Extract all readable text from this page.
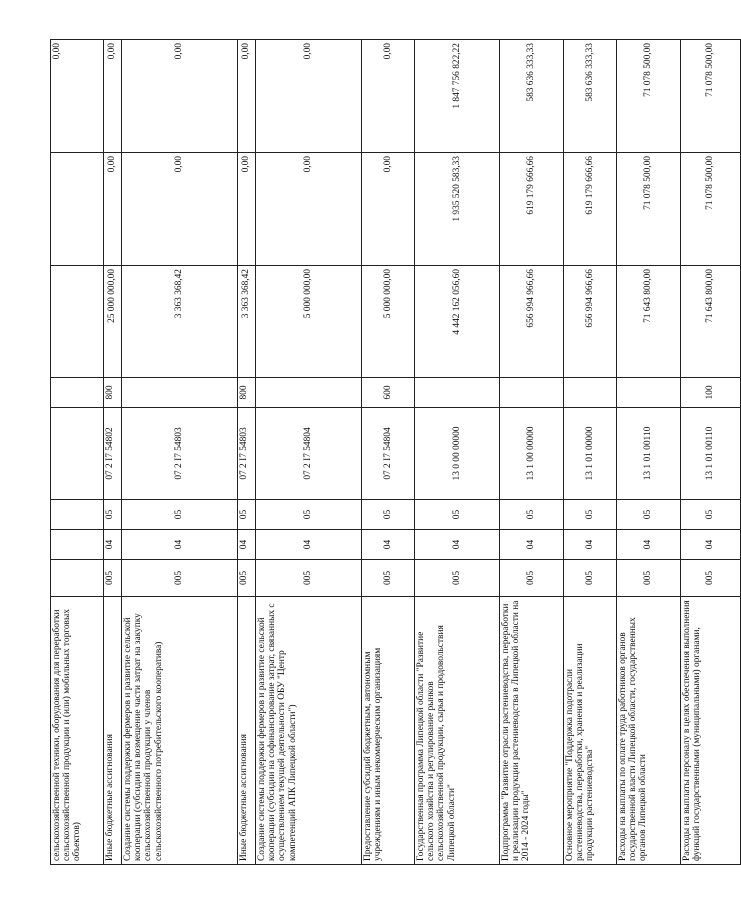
сельскохозяйственной техники, оборудования для переработки сельскохозяйственной продукции и (или) мобильных торговых объектов)								0,00
Иные бюджетные ассигнования	005	04	05	07 2 I7 54802	800	25 000 000,00	0,00	0,00
Создание системы поддержки фермеров и развитие сельской кооперации (субсидии на возмещение части затрат на закупку сельскохозяйственной продукции у членов сельскохозяйственного потребительского кооператива)	005	04	05	07 2 I7 54803		3 363 368,42	0,00	0,00
Иные бюджетные ассигнования	005	04	05	07 2 I7 54803	800	3 363 368,42	0,00	0,00
Создание системы поддержки фермеров и развитие сельской кооперации (субсидии на софинансирование затрат, связанных с осуществлением текущей деятельности ОБУ "Центр компетенций АПК Липецкой области")	005	04	05	07 2 I7 54804		5 000 000,00	0,00	0,00
Предоставление субсидий бюджетным, автономным учреждениям и иным некоммерческим организациям	005	04	05	07 2 I7 54804	600	5 000 000,00	0,00	0,00
Государственная программа Липецкой области "Развитие сельского хозяйства и регулирование рынков сельскохозяйственной продукции, сырья и продовольствия Липецкой области"	005	04	05	13 0 00 00000		4 442 162 056,60	1 935 520 583,33	1 847 756 822,22
Подпрограмма "Развитие отрасли растениеводства, переработки и реализации продукции растениеводства в Липецкой области на 2014 - 2024 годы"	005	04	05	13 1 00 00000		656 994 966,66	619 179 666,66	583 636 333,33
Основное мероприятие "Поддержка подотрасли растениеводства, переработки, хранения и реализации продукции растениеводства"	005	04	05	13 1 01 00000		656 994 966,66	619 179 666,66	583 636 333,33
Расходы на выплаты по оплате труда работников органов государственной власти Липецкой области, государственных органов Липецкой области	005	04	05	13 1 01 00110		71 643 800,00	71 078 500,00	71 078 500,00
Расходы на выплаты персоналу в целях обеспечения выполнения функций государственными (муниципальными) органами,	005	04	05	13 1 01 00110	100	71 643 800,00	71 078 500,00	71 078 500,00
